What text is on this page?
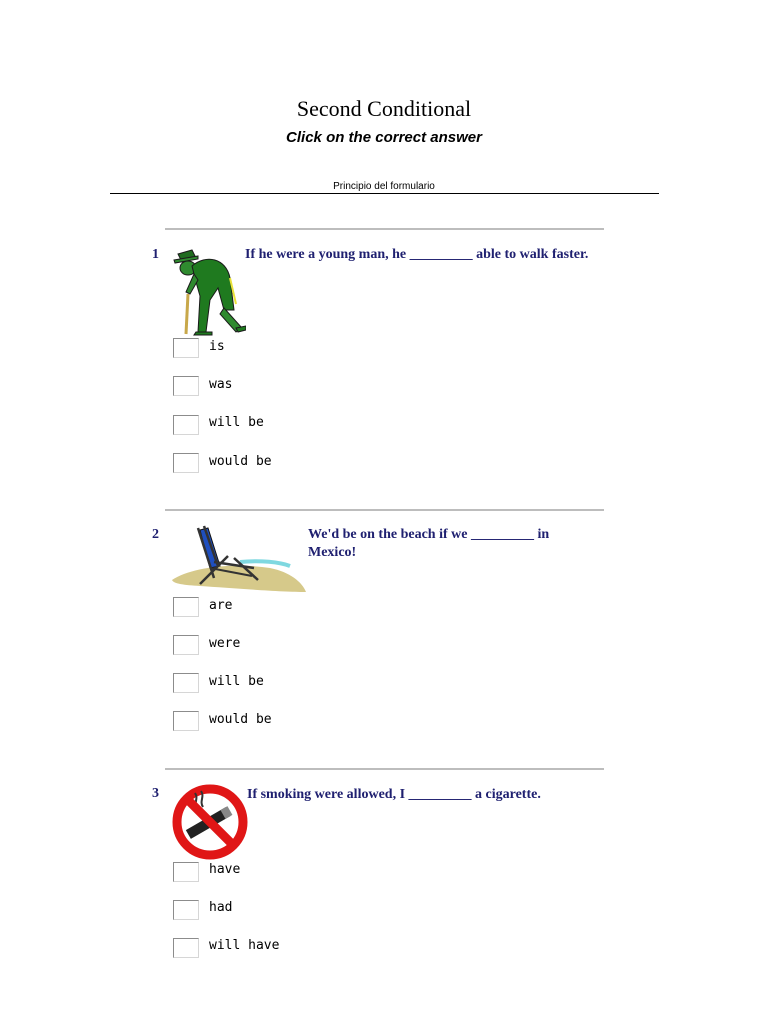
Second Conditional
Click on the correct answer
Principio del formulario
1	If he were a young man, he _________ able to walk faster.
is
was
will be
would be
2	We'd be on the beach if we _________ in Mexico!
are
were
will be
would be
3	If smoking were allowed, I _________ a cigarette.
have
had
will have
